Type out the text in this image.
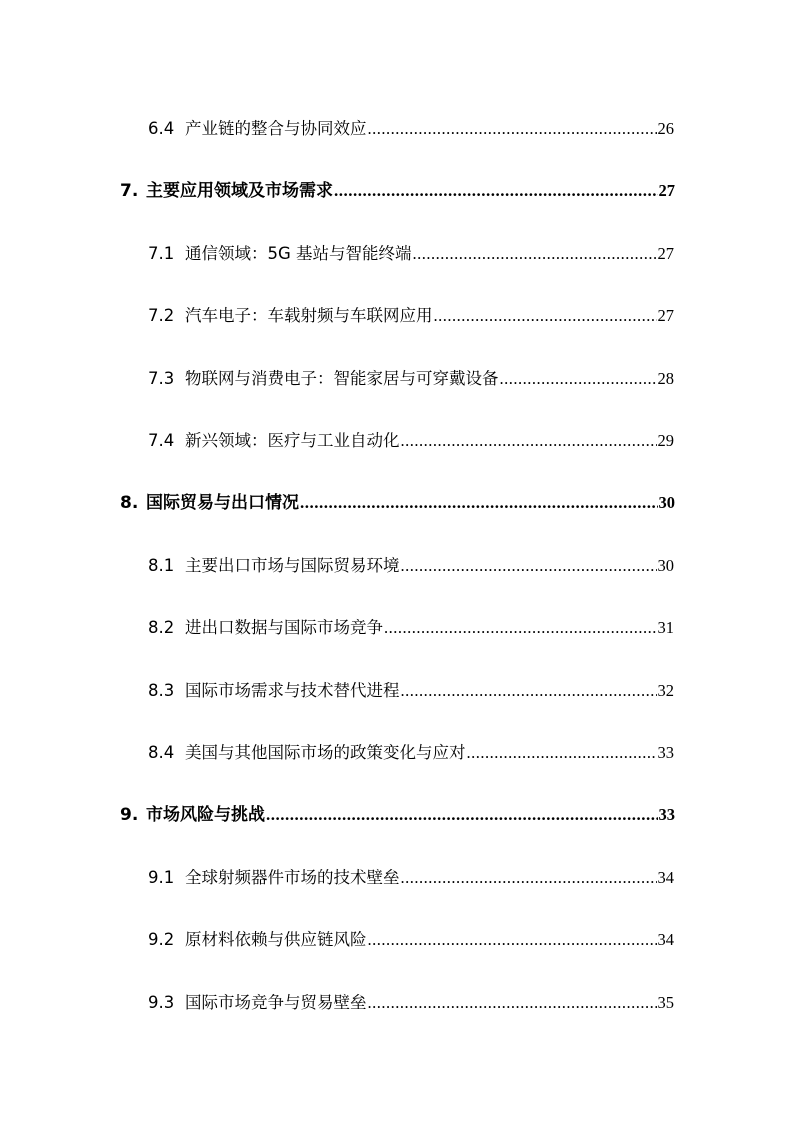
6.4 产业链的整合与协同效应 .....	26
7. 主要应用领域及市场需求 .....	27
7.1 通信领域：5G 基站与智能终端 .....	27
7.2 汽车电子：车载射频与车联网应用 .....	27
7.3 物联网与消费电子：智能家居与可穿戴设备 .....	28
7.4 新兴领域：医疗与工业自动化 .....	29
8. 国际贸易与出口情况 .....	30
8.1 主要出口市场与国际贸易环境 .....	30
8.2 进出口数据与国际市场竞争 .....	31
8.3 国际市场需求与技术替代进程 .....	32
8.4 美国与其他国际市场的政策变化与应对 .....	33
9. 市场风险与挑战 .....	33
9.1 全球射频器件市场的技术壁垒 .....	34
9.2 原材料依赖与供应链风险 .....	34
9.3 国际市场竞争与贸易壁垒 .....	35
